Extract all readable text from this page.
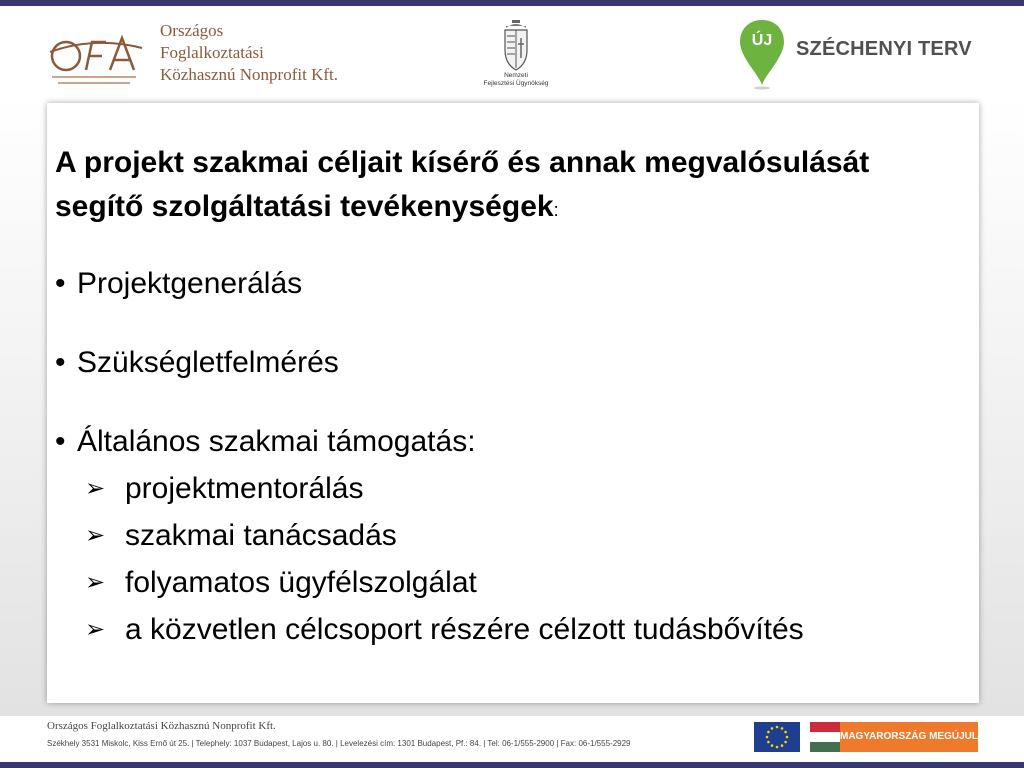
Országos
Foglalkoztatási
Közhasznú Nonprofit Kft.	Nemzeti
Fejlesztési Ügynökség
ÚJ SZÉCHENYI TERV
A projekt szakmai céljait kísérő és annak megvalósulását segítő szolgáltatási tevékenységek:
• Projektgenerálás
• Szükségletfelmérés
• Általános szakmai támogatás:
➢ projektmentorálás
➢ szakmai tanácsadás
➢ folyamatos ügyfélszolgálat
➢ a közvetlen célcsoport részére célzott tudásbővítés
Országos Foglalkoztatási Közhasznú Nonprofit Kft.
Székhely 3531 Miskolc, Kiss Ernő út 25. | Telephely: 1037 Budapest, Lajos u. 80. | Levelezési cím: 1301 Budapest, Pf.: 84. | Tel: 06-1/555-2900 | Fax: 06-1/555-2929
MAGYARORSZÁG MEGÚJUL
